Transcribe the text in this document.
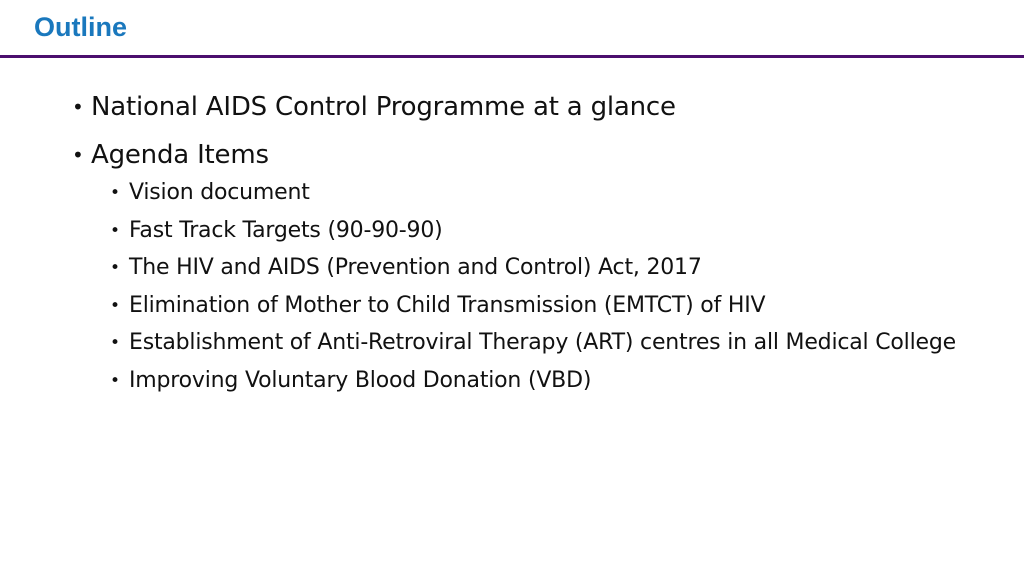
Outline
• National AIDS Control Programme at a glance
• Agenda Items
• Vision document
• Fast Track Targets (90-90-90)
• The HIV and AIDS (Prevention and Control) Act, 2017
• Elimination of Mother to Child Transmission (EMTCT) of HIV
• Establishment of Anti-Retroviral Therapy (ART) centres in all Medical College
• Improving Voluntary Blood Donation (VBD)
